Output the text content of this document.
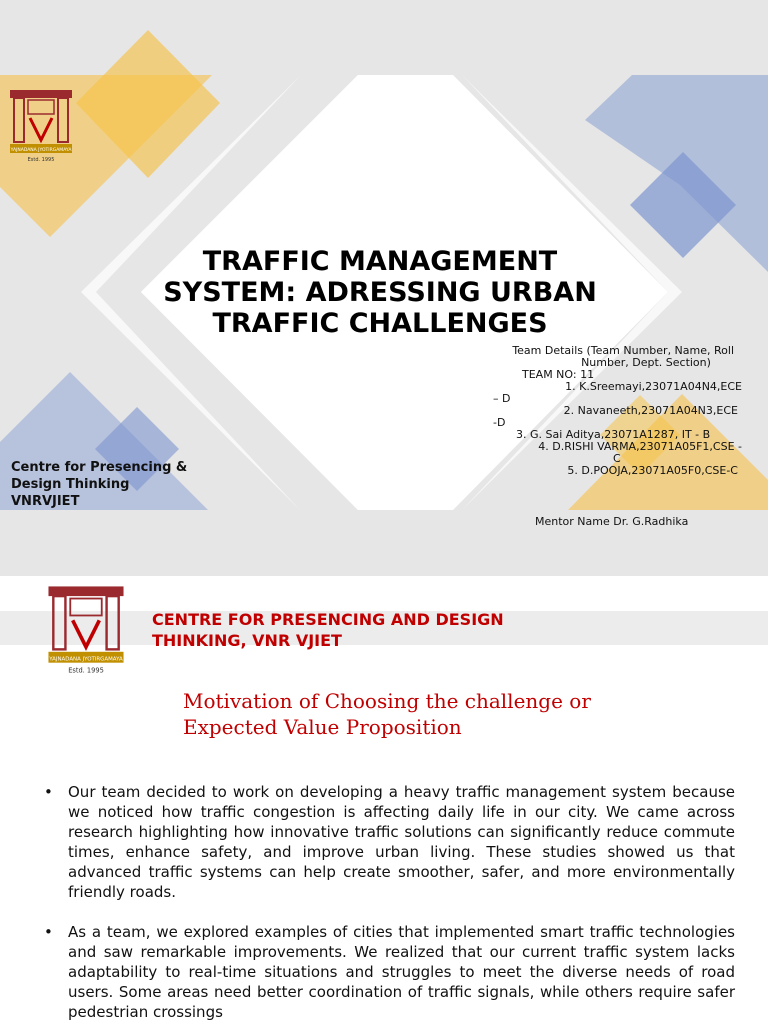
YAJNADANA JYOTIRGAMAYA
Estd. 1995
TRAFFIC MANAGEMENT
SYSTEM: ADRESSING URBAN
TRAFFIC CHALLENGES
Team Details (Team Number, Name, Roll
Number, Dept. Section)
TEAM NO: 11
1. K.Sreemayi,23071A04N4,ECE
– D
2. Navaneeth,23071A04N3,ECE
-D
3. G. Sai Aditya,23071A1287, IT - B
4. D.RISHI VARMA,23071A05F1,CSE -
C
5. D.POOJA,23071A05F0,CSE-C
Centre for Presencing &
Design Thinking
VNRVJIET
Mentor Name Dr. G.Radhika
YAJNADANA JYOTIRGAMAYA
Estd. 1995
CENTRE FOR PRESENCING AND DESIGN
THINKING, VNR VJIET
Motivation of Choosing the challenge or
Expected Value Proposition
• Our team decided to work on developing a heavy traffic management system because we noticed how traffic congestion is affecting daily life in our city. We came across research highlighting how innovative traffic solutions can significantly reduce commute times, enhance safety, and improve urban living. These studies showed us that advanced traffic systems can help create smoother, safer, and more environmentally friendly roads.
• As a team, we explored examples of cities that implemented smart traffic technologies and saw remarkable improvements. We realized that our current traffic system lacks adaptability to real-time situations and struggles to meet the diverse needs of road users. Some areas need better coordination of traffic signals, while others require safer pedestrian crossings
